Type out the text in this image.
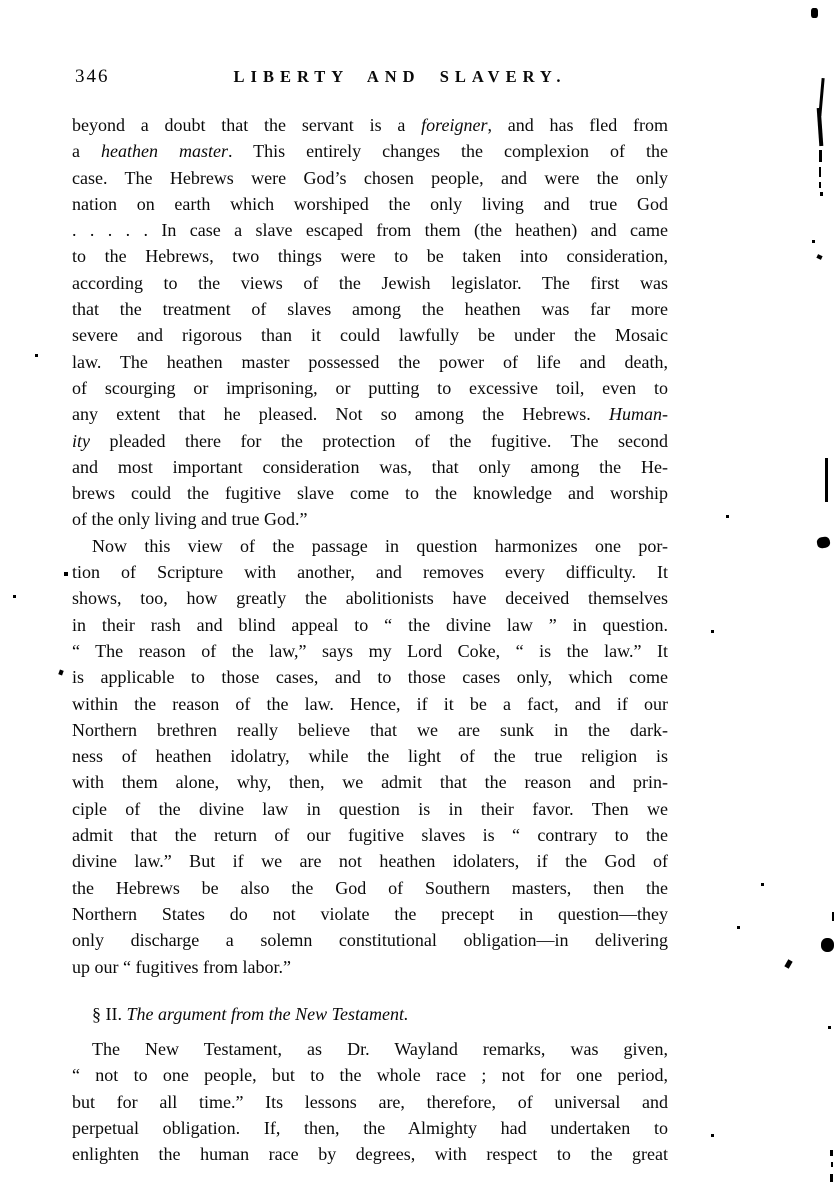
346	LIBERTY AND SLAVERY.
beyond a doubt that the servant is a foreigner, and has fled from
a heathen master. This entirely changes the complexion of the
case. The Hebrews were God’s chosen people, and were the only
nation on earth which worshiped the only living and true God
. . . . . In case a slave escaped from them (the heathen) and came
to the Hebrews, two things were to be taken into consideration,
according to the views of the Jewish legislator. The first was
that the treatment of slaves among the heathen was far more
severe and rigorous than it could lawfully be under the Mosaic
law. The heathen master possessed the power of life and death,
of scourging or imprisoning, or putting to excessive toil, even to
any extent that he pleased. Not so among the Hebrews. Human-
ity pleaded there for the protection of the fugitive. The second
and most important consideration was, that only among the He-
brews could the fugitive slave come to the knowledge and worship
of the only living and true God.”
Now this view of the passage in question harmonizes one por-
tion of Scripture with another, and removes every difficulty. It
shows, too, how greatly the abolitionists have deceived themselves
in their rash and blind appeal to “ the divine law ” in question.
“ The reason of the law,” says my Lord Coke, “ is the law.” It
is applicable to those cases, and to those cases only, which come
within the reason of the law. Hence, if it be a fact, and if our
Northern brethren really believe that we are sunk in the dark-
ness of heathen idolatry, while the light of the true religion is
with them alone, why, then, we admit that the reason and prin-
ciple of the divine law in question is in their favor. Then we
admit that the return of our fugitive slaves is “ contrary to the
divine law.” But if we are not heathen idolaters, if the God of
the Hebrews be also the God of Southern masters, then the
Northern States do not violate the precept in question—they
only discharge a solemn constitutional obligation—in delivering
up our “ fugitives from labor.”
§ II. The argument from the New Testament.
The New Testament, as Dr. Wayland remarks, was given,
“ not to one people, but to the whole race ; not for one period,
but for all time.” Its lessons are, therefore, of universal and
perpetual obligation. If, then, the Almighty had undertaken to
enlighten the human race by degrees, with respect to the great
